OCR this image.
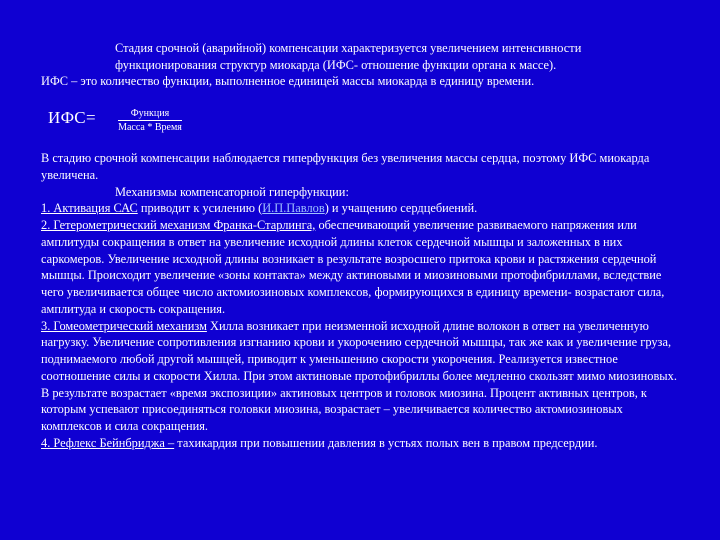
Стадия срочной (аварийной) компенсации характеризуется увеличением интенсивности функционирования структур миокарда (ИФС- отношение функции органа к массе).

ИФС – это количество функции, выполненное единицей массы миокарда в единицу времени.

ИФС=	Функция
Масса * Время

В стадию срочной компенсации наблюдается гиперфункция без увеличения массы сердца, поэтому ИФС миокарда увеличена.

Механизмы компенсаторной гиперфункции:

1. Активация САС приводит к усилению (И.П.Павлов) и учащению сердцебиений.

2. Гетерометрический механизм Франка-Старлинга, обеспечивающий увеличение развиваемого напряжения или амплитуды сокращения в ответ на увеличение исходной длины клеток сердечной мышцы и заложенных в них саркомеров. Увеличение исходной длины возникает в результате возросшего притока крови и растяжения сердечной мышцы. Происходит увеличение «зоны контакта» между актиновыми и миозиновыми протофибриллами, вследствие чего увеличивается общее число актомиозиновых комплексов, формирующихся в единицу времени- возрастают сила, амплитуда и скорость сокращения.

3. Гомеометрический механизм Хилла возникает при неизменной исходной длине волокон в ответ на увеличенную нагрузку. Увеличение сопротивления изгнанию крови и укорочению сердечной мышцы, так же как и увеличение груза, поднимаемого любой другой мышцей, приводит к уменьшению скорости укорочения. Реализуется известное соотношение силы и скорости Хилла. При этом актиновые протофибриллы более медленно скользят мимо миозиновых. В результате возрастает «время экспозиции» актиновых центров и головок миозина. Процент активных центров, к которым успевают присоединяться головки миозина, возрастает – увеличивается количество актомиозиновых комплексов и сила сокращения.

4. Рефлекс Бейнбриджа – тахикардия при повышении давления в устьях полых вен в правом предсердии.
